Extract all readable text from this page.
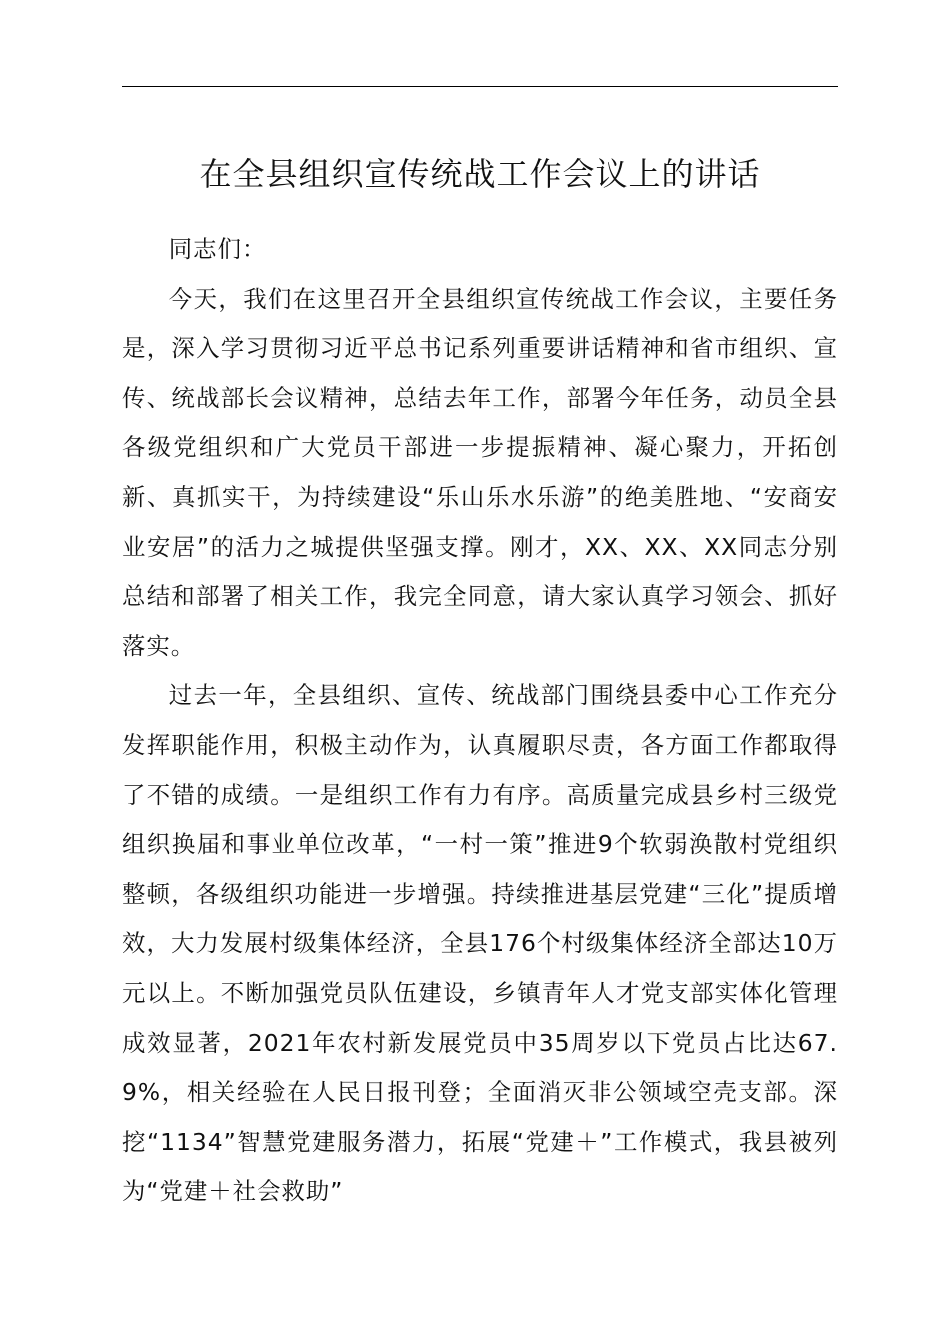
在全县组织宣传统战工作会议上的讲话

同志们：

今天，我们在这里召开全县组织宣传统战工作会议，主要任务是，深入学习贯彻习近平总书记系列重要讲话精神和省市组织、宣传、统战部长会议精神，总结去年工作，部署今年任务，动员全县各级党组织和广大党员干部进一步提振精神、凝心聚力，开拓创新、真抓实干，为持续建设“乐山乐水乐游”的绝美胜地、“安商安业安居”的活力之城提供坚强支撑。刚才，XX、XX、XX同志分别总结和部署了相关工作，我完全同意，请大家认真学习领会、抓好落实。

过去一年，全县组织、宣传、统战部门围绕县委中心工作充分发挥职能作用，积极主动作为，认真履职尽责，各方面工作都取得了不错的成绩。一是组织工作有力有序。高质量完成县乡村三级党组织换届和事业单位改革，“一村一策”推进9个软弱涣散村党组织整顿，各级组织功能进一步增强。持续推进基层党建“三化”提质增效，大力发展村级集体经济，全县176个村级集体经济全部达10万元以上。不断加强党员队伍建设，乡镇青年人才党支部实体化管理成效显著，2021年农村新发展党员中35周岁以下党员占比达67.9%，相关经验在人民日报刊登；全面消灭非公领域空壳支部。深挖“1134”智慧党建服务潜力，拓展“党建＋”工作模式，我县被列为“党建＋社会救助”
